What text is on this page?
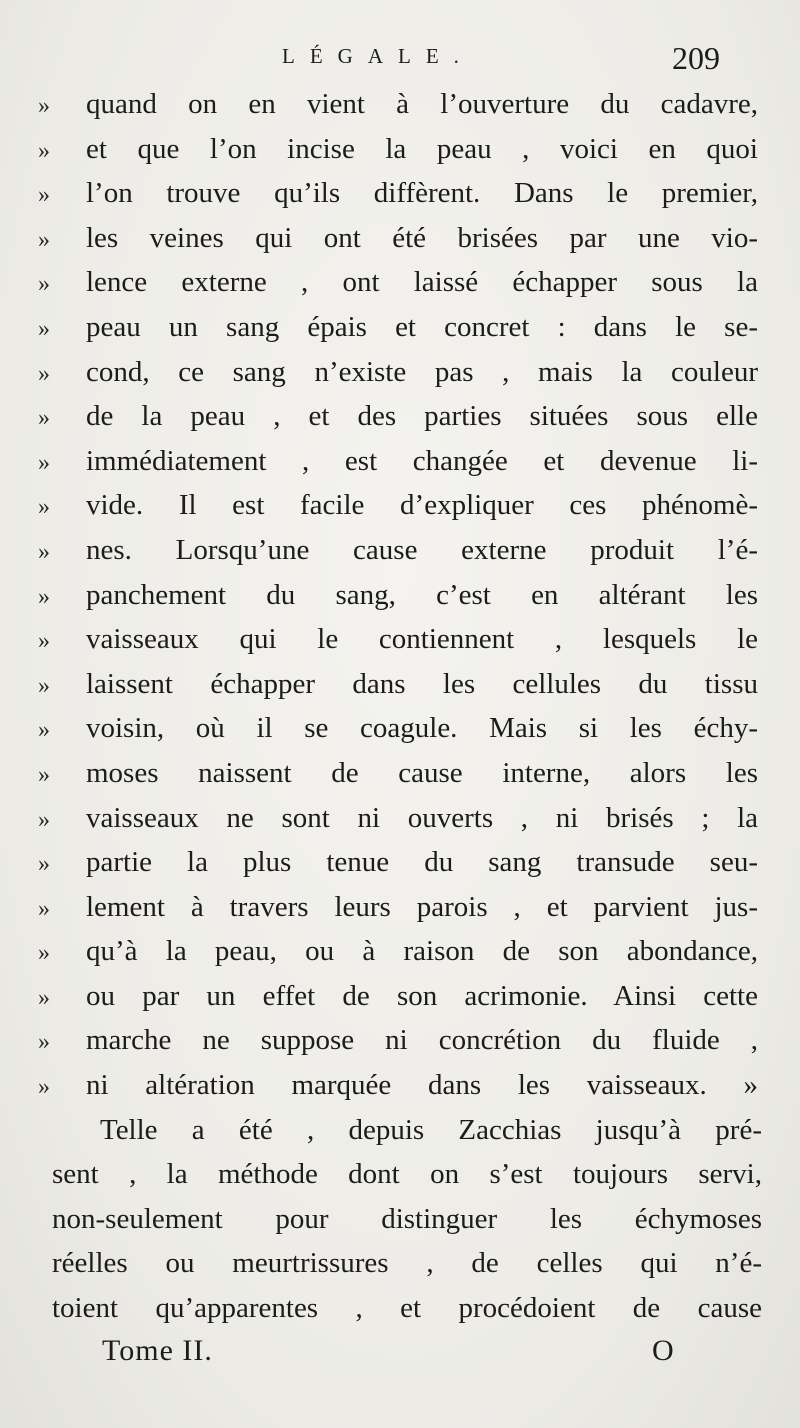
LÉGALE.	209
» quand on en vient à l’ouverture du cadavre,
» et que l’on incise la peau , voici en quoi
» l’on trouve qu’ils diffèrent. Dans le premier,
» les veines qui ont été brisées par une vio-
» lence externe , ont laissé échapper sous la
» peau un sang épais et concret : dans le se-
» cond, ce sang n’existe pas , mais la couleur
» de la peau , et des parties situées sous elle
» immédiatement , est changée et devenue li-
» vide. Il est facile d’expliquer ces phénomè-
» nes. Lorsqu’une cause externe produit l’é-
» panchement du sang, c’est en altérant les
» vaisseaux qui le contiennent , lesquels le
» laissent échapper dans les cellules du tissu
» voisin, où il se coagule. Mais si les échy-
» moses naissent de cause interne, alors les
» vaisseaux ne sont ni ouverts , ni brisés ; la
» partie la plus tenue du sang transude seu-
» lement à travers leurs parois , et parvient jus-
» qu’à la peau, ou à raison de son abondance,
» ou par un effet de son acrimonie. Ainsi cette
» marche ne suppose ni concrétion du fluide ,
» ni altération marquée dans les vaisseaux. »
Telle a été , depuis Zacchias jusqu’à pré-
sent , la méthode dont on s’est toujours servi,
non-seulement pour distinguer les échymoses
réelles ou meurtrissures , de celles qui n’é-
toient qu’apparentes , et procédoient de cause
Tome II.	O
